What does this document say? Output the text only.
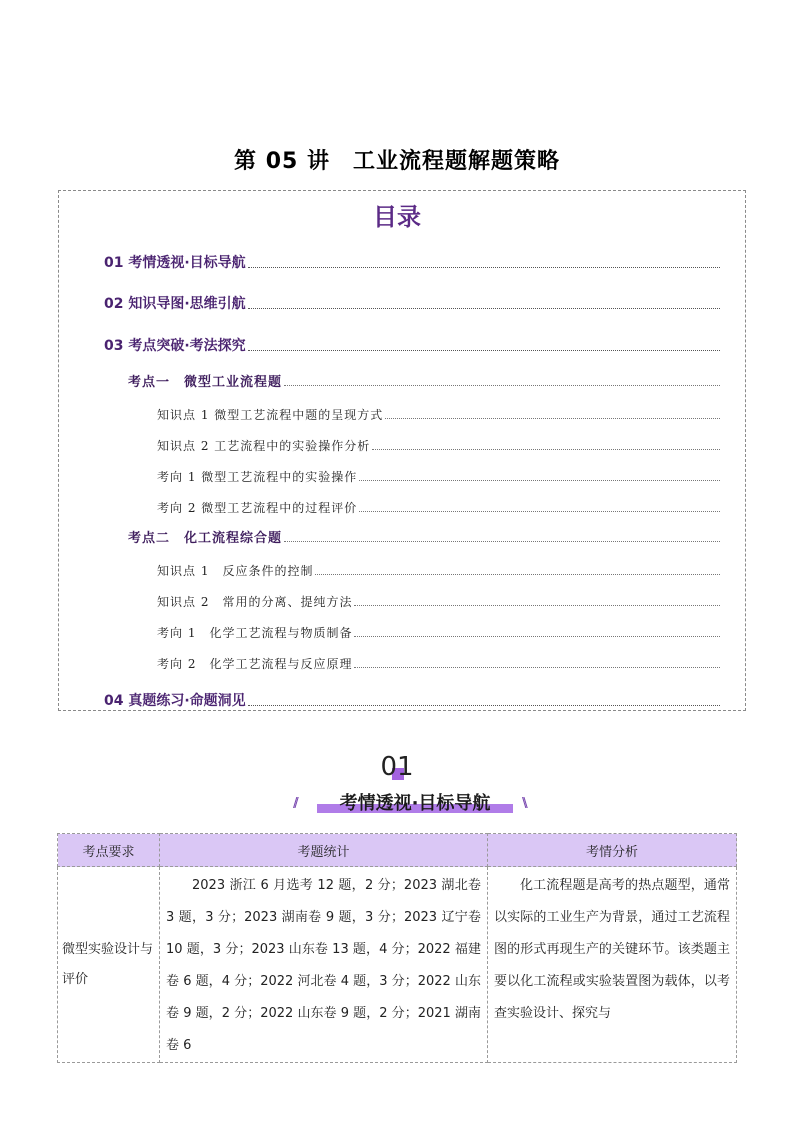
第 05 讲　工业流程题解题策略
目录
01 考情透视·目标导航
02 知识导图·思维引航
03 考点突破·考法探究
考点一　微型工业流程题
知识点 1 微型工艺流程中题的呈现方式
知识点 2 工艺流程中的实验操作分析
考向 1 微型工艺流程中的实验操作
考向 2 微型工艺流程中的过程评价
考点二　化工流程综合题
知识点 1　反应条件的控制
知识点 2　常用的分离、提纯方法
考向 1　化学工艺流程与物质制备
考向 2　化学工艺流程与反应原理
04 真题练习·命题洞见
01
//	考情透视·目标导航	\\
考点要求	考题统计	考情分析
微型实验设计与评价	2023 浙江 6 月选考 12 题，2 分；2023 湖北卷 3 题，3 分；2023 湖南卷 9 题，3 分；2023 辽宁卷 10 题，3 分；2023 山东卷 13 题，4 分；2022 福建卷 6 题，4 分；2022 河北卷 4 题，3 分；2022 山东卷 9 题，2 分；2022 山东卷 9 题，2 分；2021 湖南卷 6	化工流程题是高考的热点题型，通常以实际的工业生产为背景，通过工艺流程图的形式再现生产的关键环节。该类题主要以化工流程或实验装置图为载体，以考查实验设计、探究与
